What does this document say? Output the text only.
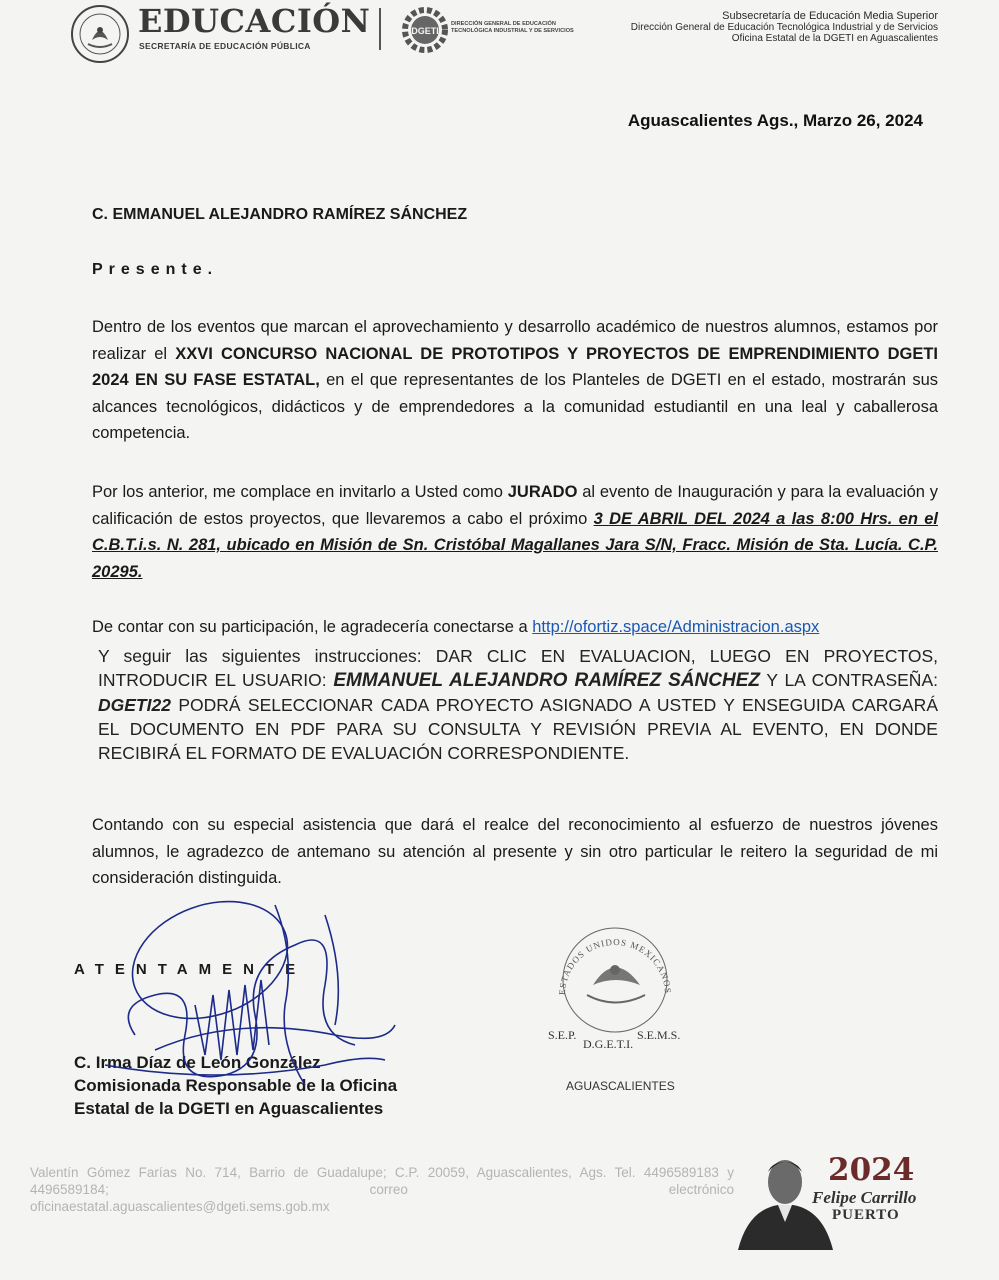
EDUCACIÓN
SECRETARÍA DE EDUCACIÓN PÚBLICA
DGETI
DIRECCIÓN GENERAL DE EDUCACIÓN
TECNOLÓGICA INDUSTRIAL Y DE SERVICIOS
Subsecretaría de Educación Media Superior
Dirección General de Educación Tecnológica Industrial y de Servicios
Oficina Estatal de la DGETI en Aguascalientes
Aguascalientes Ags., Marzo 26, 2024
C. EMMANUEL ALEJANDRO RAMÍREZ SÁNCHEZ
Presente.
Dentro de los eventos que marcan el aprovechamiento y desarrollo académico de nuestros alumnos, estamos por realizar el XXVI CONCURSO NACIONAL DE PROTOTIPOS Y PROYECTOS DE EMPRENDIMIENTO DGETI 2024 EN SU FASE ESTATAL, en el que representantes de los Planteles de DGETI en el estado, mostrarán sus alcances tecnológicos, didácticos y de emprendedores a la comunidad estudiantil en una leal y caballerosa competencia.
Por los anterior, me complace en invitarlo a Usted como JURADO al evento de Inauguración y para la evaluación y calificación de estos proyectos, que llevaremos a cabo el próximo 3 DE ABRIL DEL 2024 a las 8:00 Hrs. en el C.B.T.i.s. N. 281, ubicado en Misión de Sn. Cristóbal Magallanes Jara S/N, Fracc. Misión de Sta. Lucía. C.P. 20295.
De contar con su participación, le agradecería conectarse a http://ofortiz.space/Administracion.aspx
Y seguir las siguientes instrucciones: DAR CLIC EN EVALUACION, LUEGO EN PROYECTOS, INTRODUCIR EL USUARIO: EMMANUEL ALEJANDRO RAMÍREZ SÁNCHEZ Y LA CONTRASEÑA: DGETI22 PODRÁ SELECCIONAR CADA PROYECTO ASIGNADO A USTED Y ENSEGUIDA CARGARÁ EL DOCUMENTO EN PDF PARA SU CONSULTA Y REVISIÓN PREVIA AL EVENTO, EN DONDE RECIBIRÁ EL FORMATO DE EVALUACIÓN CORRESPONDIENTE.
Contando con su especial asistencia que dará el realce del reconocimiento al esfuerzo de nuestros jóvenes alumnos, le agradezco de antemano su atención al presente y sin otro particular le reitero la seguridad de mi consideración distinguida.
ATENTAMENTE
C. Irma Díaz de León González
Comisionada Responsable de la Oficina
Estatal de la DGETI en Aguascalientes
ESTADOS UNIDOS MEXICANOS
S.E.P.	S.E.M.S.
D.G.E.T.I.
AGUASCALIENTES
Valentín Gómez Farías No. 714, Barrio de Guadalupe; C.P. 20059, Aguascalientes, Ags. Tel. 4496589183 y 4496589184; correo electrónico
oficinaestatal.aguascalientes@dgeti.sems.gob.mx
2024
Felipe Carrillo
PUERTO
